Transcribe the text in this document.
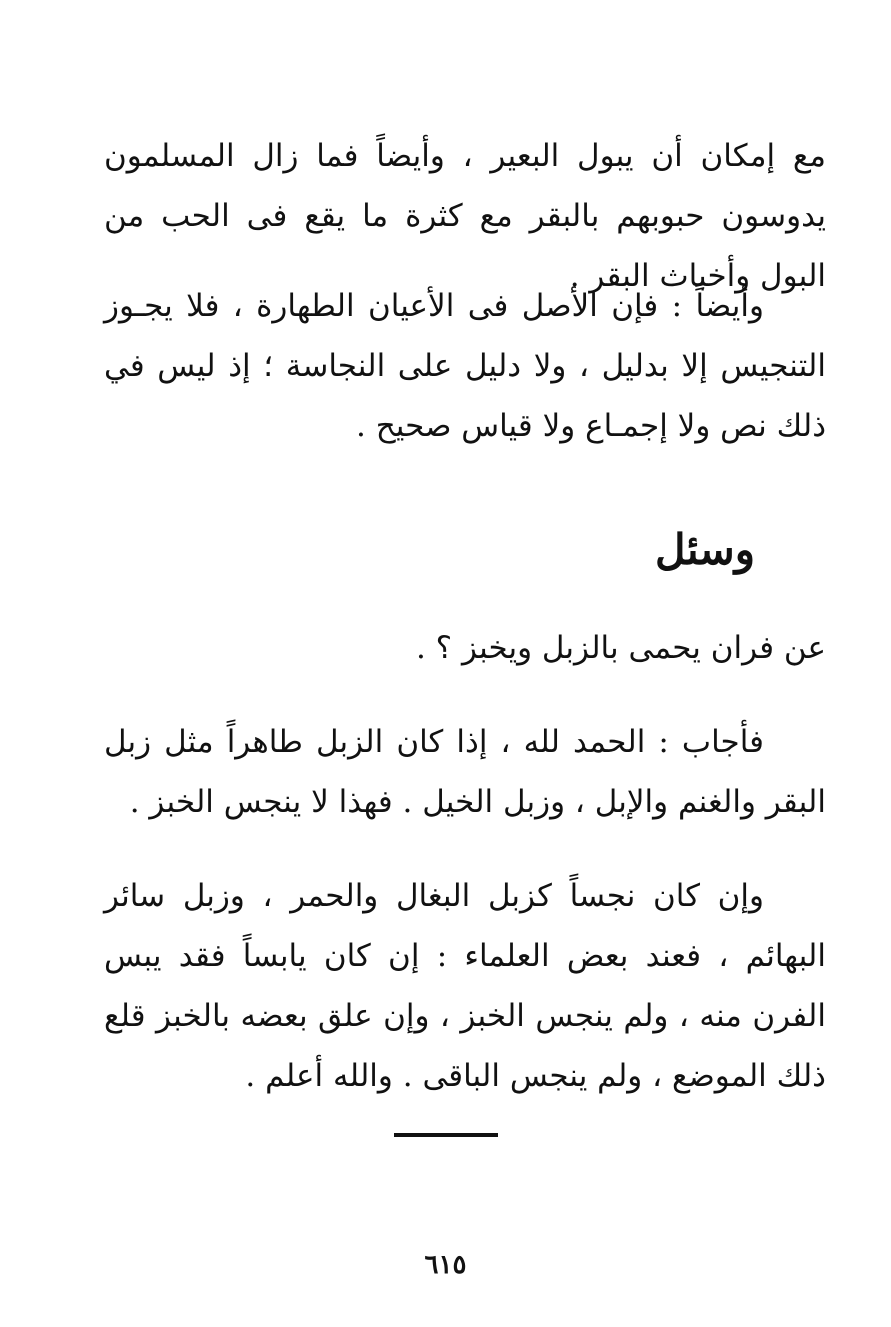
مع إمكان أن يبول البعير ، وأيضاً فما زال المسلمون يدوسون حبوبهم بالبقر مع كثرة ما يقع فى الحب من البول وأخباث البقر .

وأيضاً : فإن الأصل فى الأعيان الطهارة ، فلا يجـوز التنجيس إلا بدليل ، ولا دليل على النجاسة ؛ إذ ليس في ذلك نص ولا إجمـاع ولا قياس صحيح .

وسئل

عن فران يحمى بالزبل ويخبز ؟ .

فأجاب : الحمد لله ، إذا كان الزبل طاهراً مثل زبل البقر والغنم والإبل ، وزبل الخيل . فهذا لا ينجس الخبز .

وإن كان نجساً كزبل البغال والحمر ، وزبل سائر البهائم ، فعند بعض العلماء : إن كان يابساً فقد يبس الفرن منه ، ولم ينجس الخبز ، وإن علق بعضه بالخبز قلع ذلك الموضع ، ولم ينجس الباقى . والله أعلم .

٦١٥
